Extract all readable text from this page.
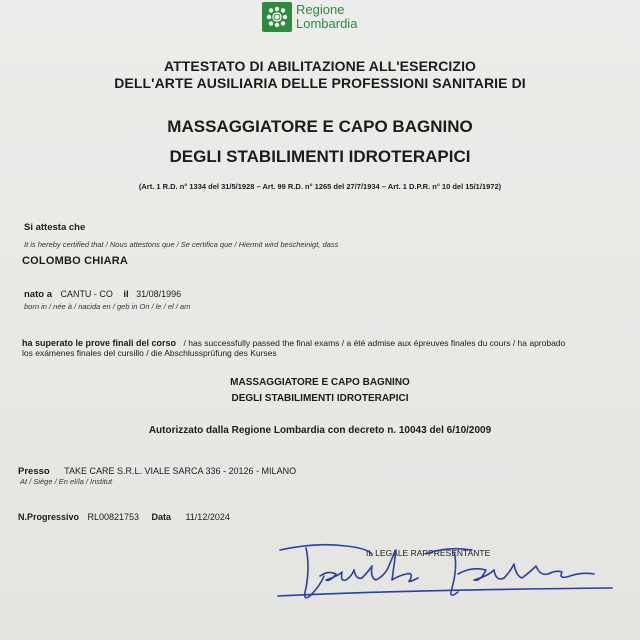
Regione
Lombardia
ATTESTATO DI ABILITAZIONE ALL'ESERCIZIO
DELL'ARTE AUSILIARIA DELLE PROFESSIONI SANITARIE DI
MASSAGGIATORE E CAPO BAGNINO
DEGLI STABILIMENTI IDROTERAPICI
(Art. 1 R.D. n° 1334 del 31/5/1928 – Art. 99 R.D. n° 1265 del 27/7/1934 – Art. 1 D.P.R. n° 10 del 15/1/1972)
Si attesta che
It is hereby certified that / Nous attestons que / Se certifica que / Hiermit wird bescheinigt, dass
COLOMBO CHIARA
nato a CANTU - CO il 31/08/1996
born in / née à / nacida en / geb in On / le / el / am
ha superato le prove finali del corso / has successfully passed the final exams / a été admise aux épreuves finales du cours / ha aprobado
los exámenes finales del cursillo / die Abschlussprüfung des Kurses
MASSAGGIATORE E CAPO BAGNINO
DEGLI STABILIMENTI IDROTERAPICI
Autorizzato dalla Regione Lombardia con decreto n. 10043 del 6/10/2009
Presso TAKE CARE S.R.L. VIALE SARCA 336 - 20126 - MILANO
At / Siège / En el/la / Institut
N.Progressivo RL00821753 Data 11/12/2024
IL LEGALE RAPPRESENTANTE
